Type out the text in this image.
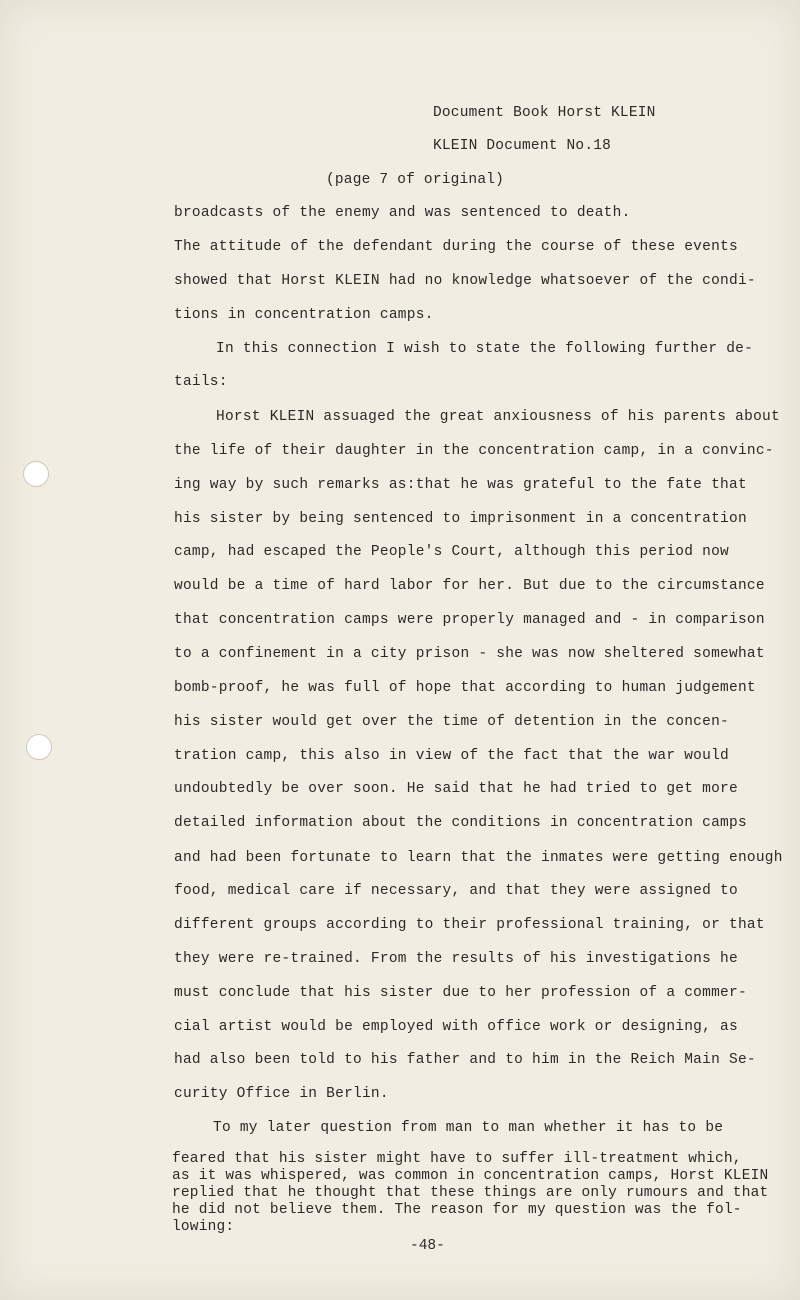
Document Book Horst KLEIN
KLEIN Document No.18
(page 7 of original)
broadcasts of the enemy and was sentenced to death.
The attitude of the defendant during the course of these events
showed that Horst KLEIN had no knowledge whatsoever of the condi-
tions in concentration camps.
In this connection I wish to state the following further de-
tails:
Horst KLEIN assuaged the great anxiousness of his parents about
the life of their daughter in the concentration camp, in a convinc-
ing way by such remarks as:that he was grateful to the fate that
his sister by being sentenced to imprisonment in a concentration
camp, had escaped the People's Court, although this period now
would be a time of hard labor for her. But due to the circumstance
that concentration camps were properly managed and - in comparison
to a confinement in a city prison - she was now sheltered somewhat
bomb-proof, he was full of hope that according to human judgement
his sister would get over the time of detention in the concen-
tration camp, this also in view of the fact that the war would
undoubtedly be over soon. He said that he had tried to get more
detailed information about the conditions in concentration camps
and had been fortunate to learn that the inmates were getting enough
food, medical care if necessary, and that they were assigned to
different groups according to their professional training, or that
they were re-trained. From the results of his investigations he
must conclude that his sister due to her profession of a commer-
cial artist would be employed with office work or designing, as
had also been told to his father and to him in the Reich Main Se-
curity Office in Berlin.
To my later question from man to man whether it has to be
feared that his sister might have to suffer ill-treatment which,
as it was whispered, was common in concentration camps, Horst KLEIN
replied that he thought that these things are only rumours and that
he did not believe them. The reason for my question was the fol-
lowing:
-48-
